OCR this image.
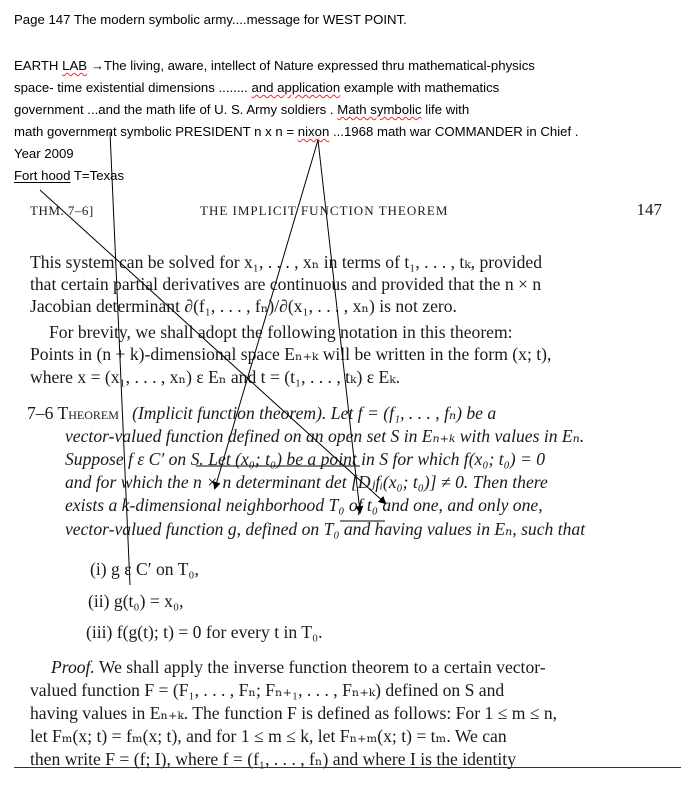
Page 147 The modern symbolic army....message for WEST POINT.
EARTH LAB →The living, aware, intellect of Nature expressed thru mathematical-physics
space- time existential dimensions ........ and application example with mathematics
government ...and the math life of U. S. Army soldiers . Math symbolic life with
math government symbolic PRESIDENT n x n = nixon ...1968 math war COMMANDER in Chief .
Year 2009
Fort hood T=Texas
THM. 7–6]	THE IMPLICIT FUNCTION THEOREM	147
This system can be solved for x₁, . . . , xₙ in terms of t₁, . . . , tₖ, provided
that certain partial derivatives are continuous and provided that the n × n
Jacobian determinant ∂(f₁, . . . , fₙ)/∂(x₁, . . . , xₙ) is not zero.
For brevity, we shall adopt the following notation in this theorem:
Points in (n + k)-dimensional space Eₙ₊ₖ will be written in the form (x; t),
where x = (x₁, . . . , xₙ) ε Eₙ and t = (t₁, . . . , tₖ) ε Eₖ.
7–6 Theorem (Implicit function theorem). Let f = (f₁, . . . , fₙ) be a
vector-valued function defined on an open set S in Eₙ₊ₖ with values in Eₙ.
Suppose f ε C′ on S. Let (x₀; t₀) be a point in S for which f(x₀; t₀) = 0
and for which the n × n determinant det [Dⱼfᵢ(x₀; t₀)] ≠ 0. Then there
exists a k-dimensional neighborhood T₀ of t₀ and one, and only one,
vector-valued function g, defined on T₀ and having values in Eₙ, such that
(i) g ε C′ on T₀,
(ii) g(t₀) = x₀,
(iii) f(g(t); t) = 0 for every t in T₀.
Proof. We shall apply the inverse function theorem to a certain vector-
valued function F = (F₁, . . . , Fₙ; Fₙ₊₁, . . . , Fₙ₊ₖ) defined on S and
having values in Eₙ₊ₖ. The function F is defined as follows: For 1 ≤ m ≤ n,
let Fₘ(x; t) = fₘ(x; t), and for 1 ≤ m ≤ k, let Fₙ₊ₘ(x; t) = tₘ. We can
then write F = (f; I), where f = (f₁, . . . , fₙ) and where I is the identity
